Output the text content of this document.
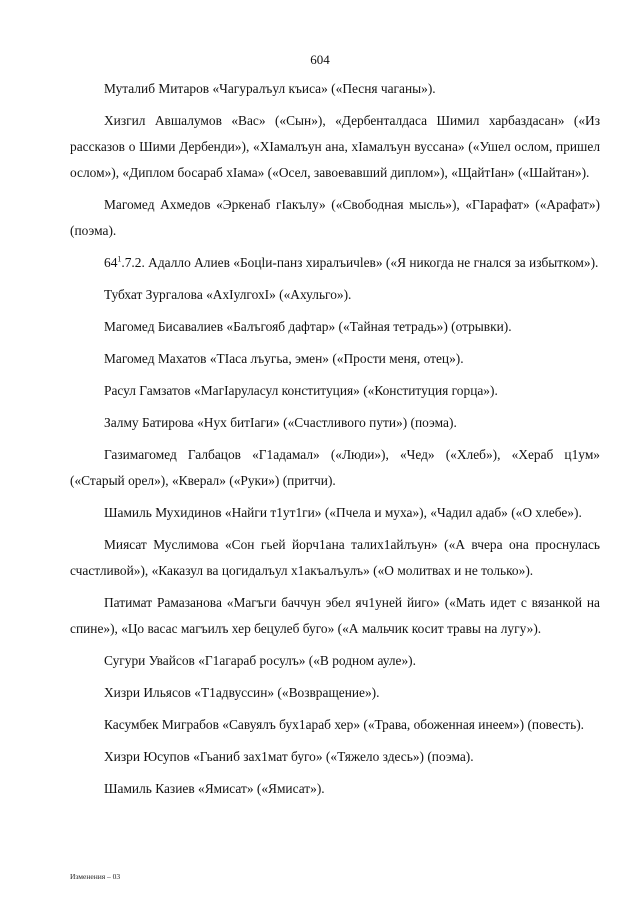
604

Муталиб Митаров «Чагуралъул къиса» («Песня чаганы»).

Хизгил Авшалумов «Вас» («Сын»), «Дербенталдаса Шимил харбаздасан» («Из рассказов о Шими Дербенди»), «ХIамалъун ана, хIамалъун вуссана» («Ушел ослом, пришел ослом»), «Диплом босараб хIама» («Осел, завоевавший диплом»), «ЩайтIан» («Шайтан»).

Магомед Ахмедов «Эркенаб гIакълу» («Свободная мысль»), «ГIарафат» («Арафат») (поэма).

$64^1.7.2$. Адалло Алиев «Боцlи-панз хиралъичlев» («Я никогда не гнался за избытком»).

Тубхат Зургалова «АхIулгохI» («Ахульго»).

Магомед Бисавалиев «Балъгояб дафтар» («Тайная тетрадь») (отрывки).

Магомед Махатов «ТIаса лъугьа, эмен» («Прости меня, отец»).

Расул Гамзатов «МагIаруласул конституция» («Конституция горца»).

Залму Батирова «Нух битIаги» («Счастливого пути») (поэма).

Газимагомед Галбацов «Г1адамал» («Люди»), «Чед» («Хлеб»), «Хераб ц1ум» («Старый орел»), «Кверал» («Руки») (притчи).

Шамиль Мухидинов «Найги т1ут1ги» («Пчела и муха»), «Чадил адаб» («О хлебе»).

Миясат Муслимова «Сон гьей йорч1ана талих1айлъун» («А вчера она проснулась счастливой»), «Каказул ва цогидалъул х1акъалъулъ» («О молитвах и не только»).

Патимат Рамазанова «Магъги баччун эбел яч1уней йиго» («Мать идет с вязанкой на спине»), «Цо васас магъилъ хер бецулеб буго» («А мальчик косит травы на лугу»).

Сугури Увайсов «Г1агараб росулъ» («В родном ауле»).

Хизри Ильясов «Т1адвуссин» («Возвращение»).

Касумбек Миграбов «Савуялъ бух1араб хер» («Трава, обоженная инеем») (повесть).

Хизри Юсупов «Гьаниб зах1мат буго» («Тяжело здесь») (поэма).

Шамиль Казиев «Ямисат» («Ямисат»).

Изменения – 03
